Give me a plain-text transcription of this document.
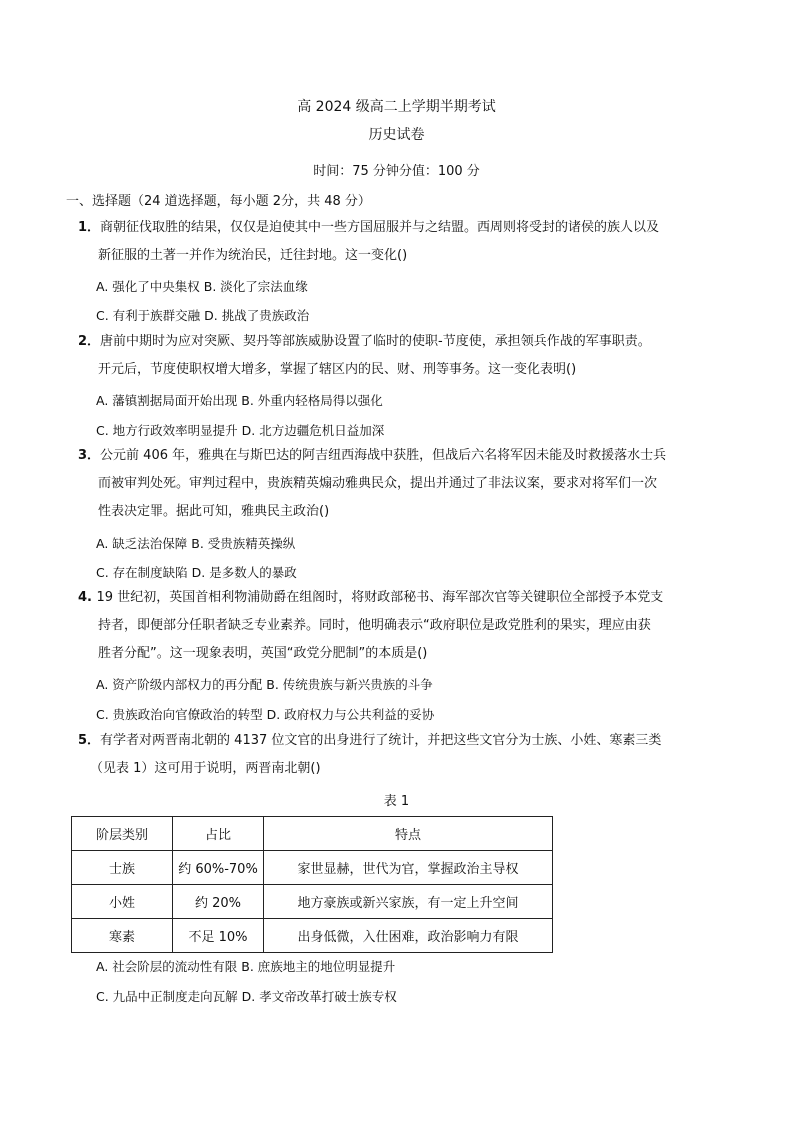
高 2024 级高二上学期半期考试
历史试卷
时间：75 分钟分值：100 分
一、选择题（24 道选择题，每小题 2分，共 48 分）
1．商朝征伐取胜的结果，仅仅是迫使其中一些方国屈服并与之结盟。西周则将受封的诸侯的族人以及
新征服的土著一并作为统治民，迁往封地。这一变化()
A. 强化了中央集权 B. 淡化了宗法血缘
C. 有利于族群交融 D. 挑战了贵族政治
2．唐前中期时为应对突厥、契丹等部族威胁设置了临时的使职-节度使，承担领兵作战的军事职责。
开元后，节度使职权增大增多，掌握了辖区内的民、财、刑等事务。这一变化表明()
A. 藩镇割据局面开始出现 B. 外重内轻格局得以强化
C. 地方行政效率明显提升 D. 北方边疆危机日益加深
3．公元前 406 年，雅典在与斯巴达的阿吉纽西海战中获胜，但战后六名将军因未能及时救援落水士兵
而被审判处死。审判过程中，贵族精英煽动雅典民众，提出并通过了非法议案，要求对将军们一次
性表决定罪。据此可知，雅典民主政治()
A. 缺乏法治保障 B. 受贵族精英操纵
C. 存在制度缺陷 D. 是多数人的暴政
4. 19 世纪初，英国首相利物浦勋爵在组阁时，将财政部秘书、海军部次官等关键职位全部授予本党支
持者，即便部分任职者缺乏专业素养。同时，他明确表示“政府职位是政党胜利的果实，理应由获
胜者分配”。这一现象表明，英国“政党分肥制”的本质是()
A. 资产阶级内部权力的再分配 B. 传统贵族与新兴贵族的斗争
C. 贵族政治向官僚政治的转型 D. 政府权力与公共利益的妥协
5．有学者对两晋南北朝的 4137 位文官的出身进行了统计，并把这些文官分为士族、小姓、寒素三类
（见表 1）这可用于说明，两晋南北朝()
表 1
阶层类别	占比	特点
士族	约 60%-70%	家世显赫，世代为官，掌握政治主导权
小姓	约 20%	地方豪族或新兴家族，有一定上升空间
寒素	不足 10%	出身低微，入仕困难，政治影响力有限
A. 社会阶层的流动性有限 B. 庶族地主的地位明显提升
C. 九品中正制度走向瓦解 D. 孝文帝改革打破士族专权
